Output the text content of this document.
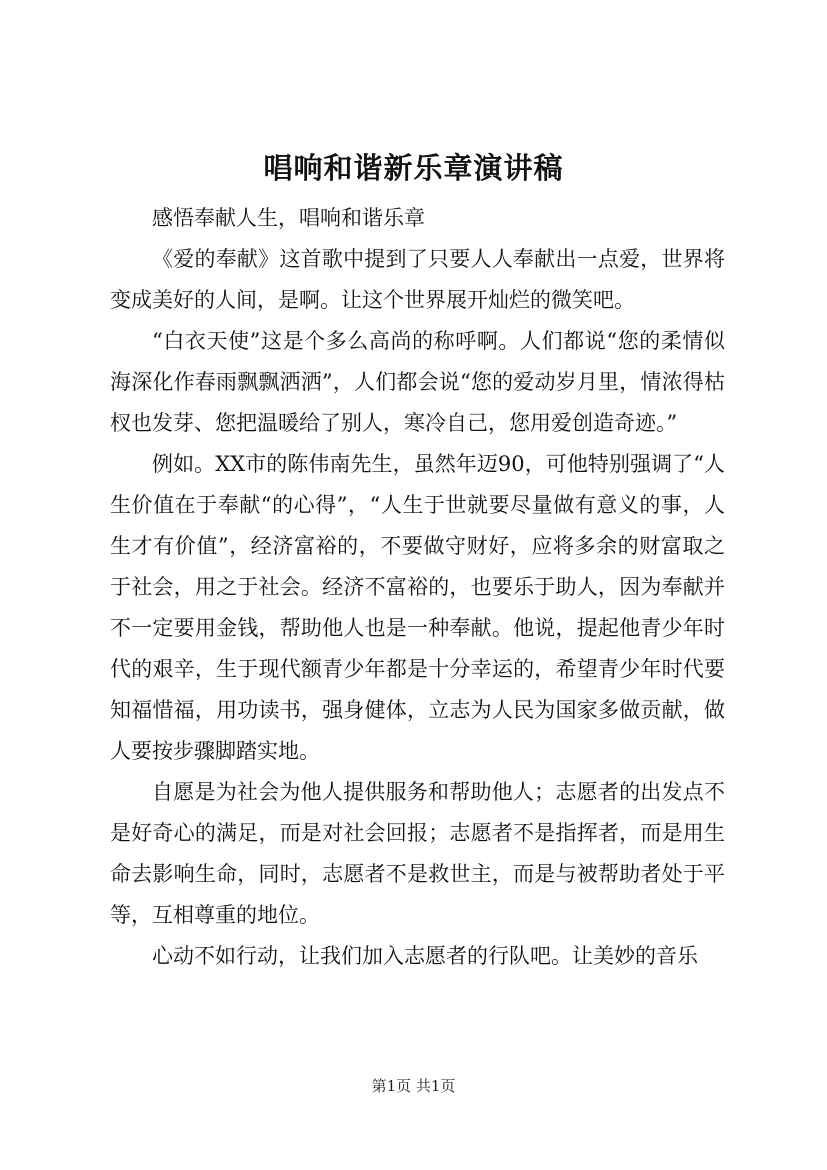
唱响和谐新乐章演讲稿

感悟奉献人生，唱响和谐乐章

《爱的奉献》这首歌中提到了只要人人奉献出一点爱，世界将变成美好的人间，是啊。让这个世界展开灿烂的微笑吧。

“白衣天使”这是个多么高尚的称呼啊。人们都说“您的柔情似海深化作春雨飘飘洒洒”，人们都会说“您的爱动岁月里，情浓得枯杈也发芽、您把温暖给了别人，寒冷自己，您用爱创造奇迹。”

例如。XX市的陈伟南先生，虽然年迈90，可他特别强调了“人生价值在于奉献“的心得”，“人生于世就要尽量做有意义的事，人生才有价值”，经济富裕的，不要做守财好，应将多余的财富取之于社会，用之于社会。经济不富裕的，也要乐于助人，因为奉献并不一定要用金钱，帮助他人也是一种奉献。他说，提起他青少年时代的艰辛，生于现代额青少年都是十分幸运的，希望青少年时代要知福惜福，用功读书，强身健体，立志为人民为国家多做贡献，做人要按步骤脚踏实地。

自愿是为社会为他人提供服务和帮助他人；志愿者的出发点不是好奇心的满足，而是对社会回报；志愿者不是指挥者，而是用生命去影响生命，同时，志愿者不是救世主，而是与被帮助者处于平等，互相尊重的地位。

心动不如行动，让我们加入志愿者的行队吧。让美妙的音乐

第1页 共1页
